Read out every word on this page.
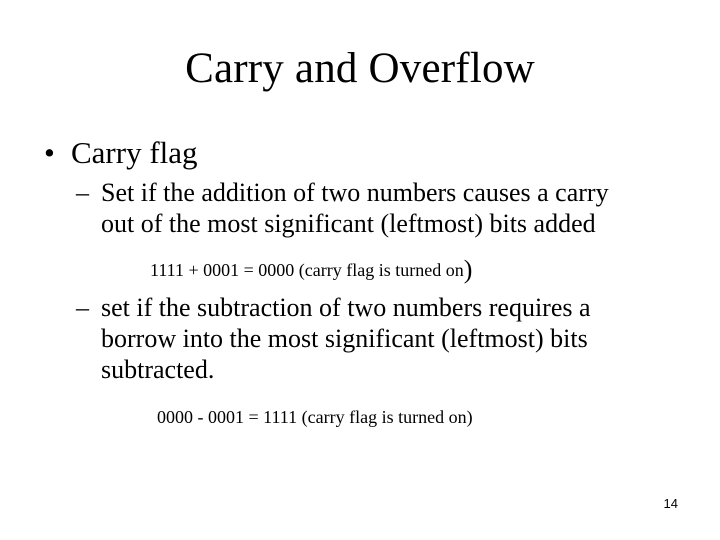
Carry and Overflow
• Carry flag
– Set if the addition of two numbers causes a carry
out of the most significant (leftmost) bits added
1111 + 0001 = 0000 (carry flag is turned on)
– set if the subtraction of two numbers requires a
borrow into the most significant (leftmost) bits
subtracted.
0000 - 0001 = 1111 (carry flag is turned on)
14
